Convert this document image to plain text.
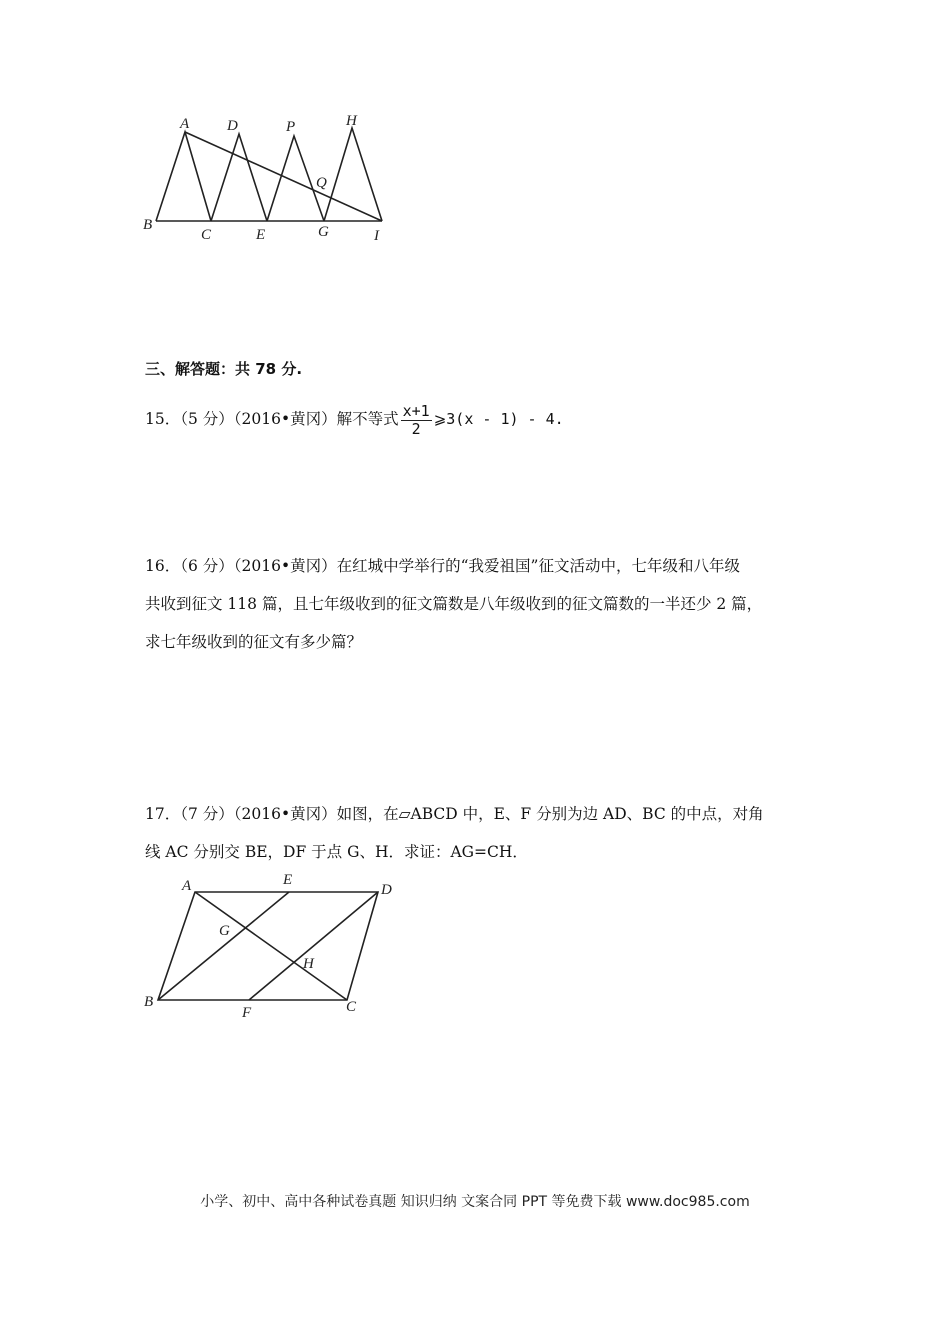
A	D	P	H
Q
B
C	E	G	I
三、解答题：共 78 分.
15．（5 分）（2016•黄冈）解不等式 $\frac{x+1}{2}$ ⩾3(x - 1) - 4.
16．（6 分）（2016•黄冈）在红城中学举行的“我爱祖国”征文活动中，七年级和八年级
共收到征文 118 篇，且七年级收到的征文篇数是八年级收到的征文篇数的一半还少 2 篇，
求七年级收到的征文有多少篇？
17．（7 分）（2016•黄冈）如图，在▱ABCD 中，E、F 分别为边 AD、BC 的中点，对角
线 AC 分别交 BE，DF 于点 G、H．求证：AG=CH．
A	E
D
G
H
B
F	C
小学、初中、高中各种试卷真题 知识归纳 文案合同 PPT 等免费下载 www.doc985.com
